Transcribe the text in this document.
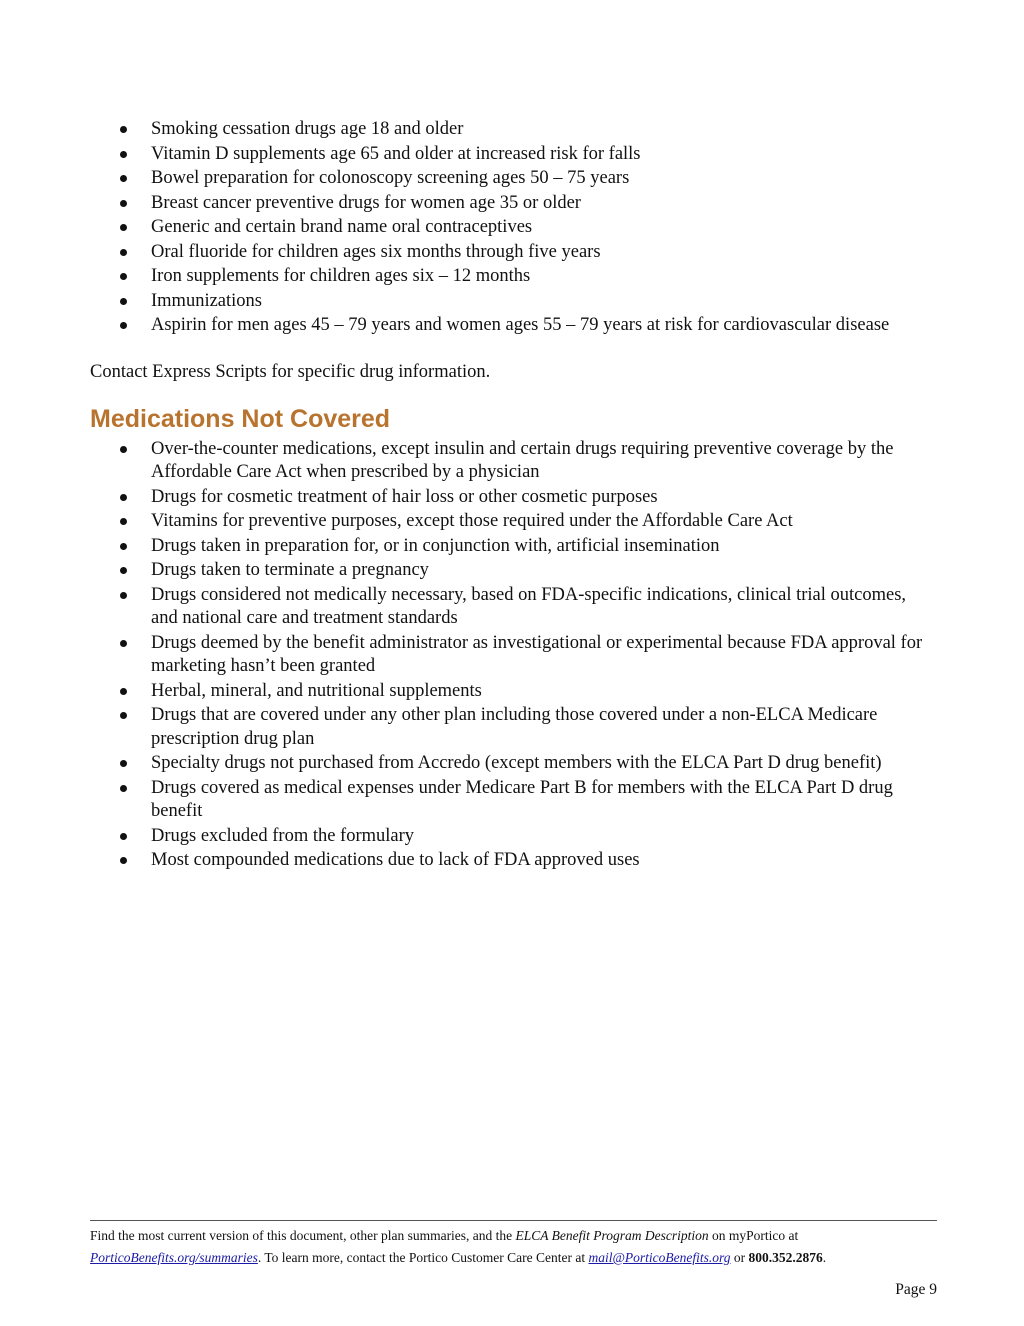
Smoking cessation drugs age 18 and older
Vitamin D supplements age 65 and older at increased risk for falls
Bowel preparation for colonoscopy screening ages 50 – 75 years
Breast cancer preventive drugs for women age 35 or older
Generic and certain brand name oral contraceptives
Oral fluoride for children ages six months through five years
Iron supplements for children ages six – 12 months
Immunizations
Aspirin for men ages 45 – 79 years and women ages 55 – 79 years at risk for cardiovascular disease

Contact Express Scripts for specific drug information.

Medications Not Covered
Over-the-counter medications, except insulin and certain drugs requiring preventive coverage by the Affordable Care Act when prescribed by a physician
Drugs for cosmetic treatment of hair loss or other cosmetic purposes
Vitamins for preventive purposes, except those required under the Affordable Care Act
Drugs taken in preparation for, or in conjunction with, artificial insemination
Drugs taken to terminate a pregnancy
Drugs considered not medically necessary, based on FDA-specific indications, clinical trial outcomes, and national care and treatment standards
Drugs deemed by the benefit administrator as investigational or experimental because FDA approval for marketing hasn’t been granted
Herbal, mineral, and nutritional supplements
Drugs that are covered under any other plan including those covered under a non-ELCA Medicare prescription drug plan
Specialty drugs not purchased from Accredo (except members with the ELCA Part D drug benefit)
Drugs covered as medical expenses under Medicare Part B for members with the ELCA Part D drug benefit
Drugs excluded from the formulary
Most compounded medications due to lack of FDA approved uses
Find the most current version of this document, other plan summaries, and the ELCA Benefit Program Description on myPortico at
PorticoBenefits.org/summaries. To learn more, contact the Portico Customer Care Center at mail@PorticoBenefits.org or 800.352.2876.
Page 9
